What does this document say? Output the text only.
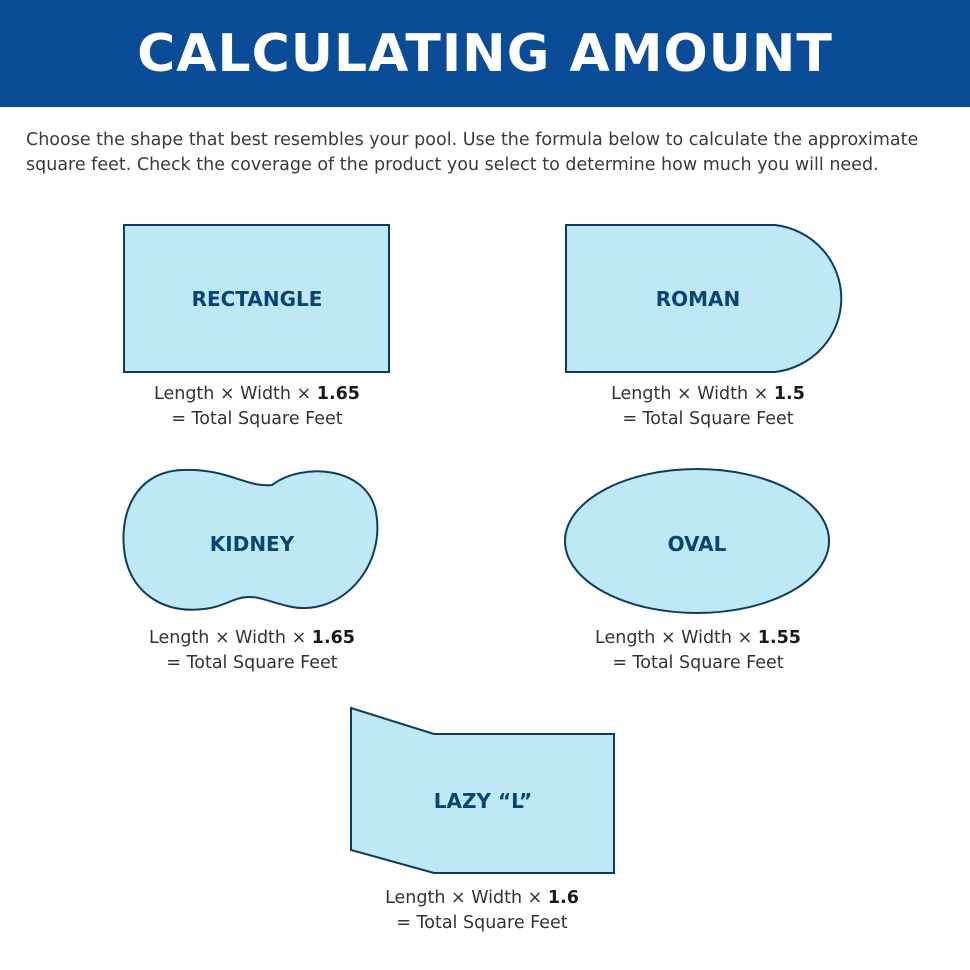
CALCULATING AMOUNT

Choose the shape that best resembles your pool. Use the formula below to calculate the approximate square feet. Check the coverage of the product you select to determine how much you will need.

RECTANGLE
Length × Width × 1.65
= Total Square Feet
ROMAN
Length × Width × 1.5
= Total Square Feet
KIDNEY
Length × Width × 1.65
= Total Square Feet
OVAL
Length × Width × 1.55
= Total Square Feet
LAZY “L”
Length × Width × 1.6
= Total Square Feet
